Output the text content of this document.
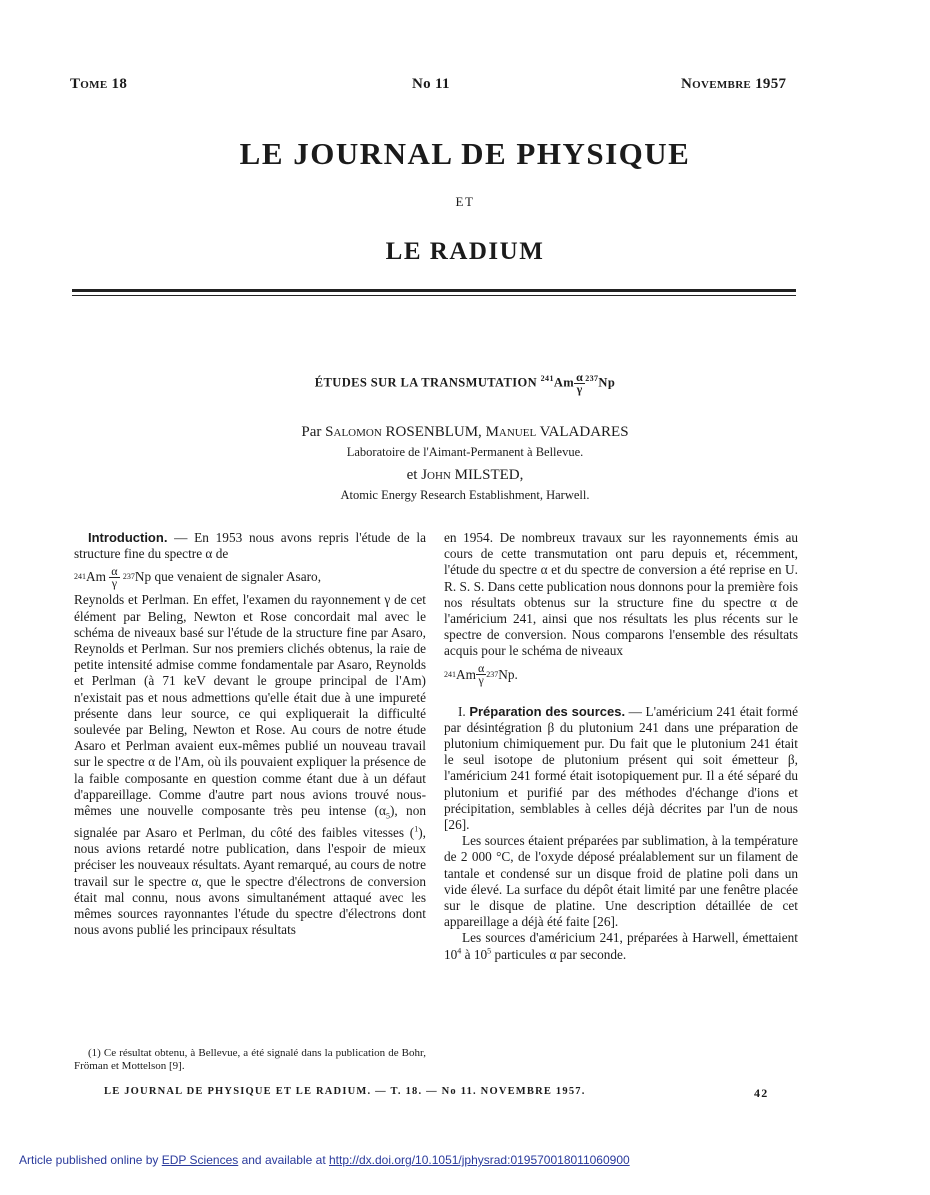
Tome 18	No 11	Novembre 1957
LE JOURNAL DE PHYSIQUE
ET
LE RADIUM
ÉTUDES SUR LA TRANSMUTATION $^{241}Am \frac{\alpha}{\gamma} ^{237}Np$
Par Salomon ROSENBLUM, Manuel VALADARES
Laboratoire de l'Aimant-Permanent à Bellevue.
et John MILSTED,
Atomic Energy Research Establishment, Harwell.

Introduction. — En 1953 nous avons repris l'étude de la structure fine du spectre α de

241 Am
$\frac{\alpha}{\gamma}$
237 Np
que venaient de signaler Asaro,

Reynolds et Perlman. En effet, l'examen du rayonnement γ de cet élément par Beling, Newton et Rose concordait mal avec le schéma de niveaux basé sur l'étude de la structure fine par Asaro, Reynolds et Perlman. Sur nos premiers clichés obtenus, la raie de petite intensité admise comme fondamentale par Asaro, Reynolds et Perlman (à 71 keV devant le groupe principal de l'Am) n'existait pas et nous admettions qu'elle était due à une impureté présente dans leur source, ce qui expliquerait la difficulté soulevée par Beling, Newton et Rose. Au cours de notre étude Asaro et Perlman avaient eux-mêmes publié un nouveau travail sur le spectre α de l'Am, où ils pouvaient expliquer la présence de la faible composante en question comme étant due à un défaut d'appareillage. Comme d'autre part nous avions trouvé nous-mêmes une nouvelle composante très peu intense $(\alpha_5)$, non signalée par Asaro et Perlman, du côté des faibles vitesses ($^1$), nous avions retardé notre publication, dans l'espoir de mieux préciser les nouveaux résultats. Ayant remarqué, au cours de notre travail sur le spectre α, que le spectre d'électrons de conversion était mal connu, nous avons simultanément attaqué avec les mêmes sources rayonnantes l'étude du spectre d'électrons dont nous avons publié les principaux résultats

(1) Ce résultat obtenu, à Bellevue, a été signalé dans la publication de Bohr, Fröman et Mottelson [9].

en 1954. De nombreux travaux sur les rayonnements émis au cours de cette transmutation ont paru depuis et, récemment, l'étude du spectre α et du spectre de conversion a été reprise en U. R. S. S. Dans cette publication nous donnons pour la première fois nos résultats obtenus sur la structure fine du spectre α de l'américium 241, ainsi que nos résultats les plus récents sur le spectre de conversion. Nous comparons l'ensemble des résultats acquis pour le schéma de niveaux

241 Am $\frac{\alpha}{\gamma} 237$ Np .

I. Préparation des sources. — L'américium 241 était formé par désintégration β du plutonium 241 dans une préparation de plutonium chimiquement pur. Du fait que le plutonium 241 était le seul isotope de plutonium présent qui soit émetteur β, l'américium 241 formé était isotopiquement pur. Il a été séparé du plutonium et purifié par des méthodes d'échange d'ions et précipitation, semblables à celles déjà décrites par l'un de nous [26].

Les sources étaient préparées par sublimation, à la température de 2 000 °C, de l'oxyde déposé préalablement sur un filament de tantale et condensé sur un disque froid de platine poli dans un vide élevé. La surface du dépôt était limité par une fenêtre placée sur le disque de platine. Une description détaillée de cet appareillage a déjà été faite [26].

Les sources d'américium 241, préparées à Harwell, émettaient $10^4$ à $10^5$ particules α par seconde.

LE JOURNAL DE PHYSIQUE ET LE RADIUM. — T. 18. — No 11. NOVEMBRE 1957.	42
Article published online by EDP Sciences and available at http://dx.doi.org/10.1051/jphysrad:019570018011060900
